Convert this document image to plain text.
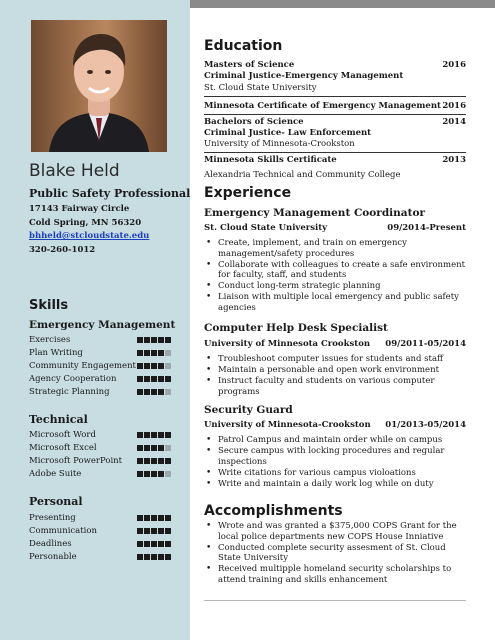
Blake Held
Public Safety Professional
17143 Fairway Circle
Cold Spring, MN 56320
bhheld@stcloudstate.edu
320-260-1012
Skills
Emergency Management
Exercises
Plan Writing
Community Engagement
Agency Cooperation
Strategic Planning
Technical
Microsoft Word
Microsoft Excel
Microsoft PowerPoint
Adobe Suite
Personal
Presenting
Communication
Deadlines
Personable
Education
Masters of Science	2016
Criminal Justice-Emergency Management
St. Cloud State University
Minnesota Certificate of Emergency Management 2016
Bachelors of Science	2014
Criminal Justice- Law Enforcement
University of Minnesota-Crookston
Minnesota Skills Certificate	2013
Alexandria Technical and Community College
Experience
Emergency Management Coordinator
St. Cloud State University	09/2014-Present
• Create, implement, and train on emergency management/safety procedures
• Collaborate with colleagues to create a safe environment for faculty, staff, and students
• Conduct long-term strategic planning
• Liaison with multiple local emergency and public safety agencies
Computer Help Desk Specialist
University of Minnesota Crookston 09/2011-05/2014
• Troubleshoot computer issues for students and staff
• Maintain a personable and open work environment
• Instruct faculty and students on various computer programs
Security Guard
University of Minnesota-Crookston 01/2013-05/2014
• Patrol Campus and maintain order while on campus
• Secure campus with locking procedures and regular inspections
• Write citations for various campus violoations
• Write and maintain a daily work log while on duty
Accomplishments
• Wrote and was granted a $375,000 COPS Grant for the local police departments new COPS House Inniative
• Conducted complete security assesment of St. Cloud State University
• Received multipple homeland security scholarships to attend training and skills enhancement
